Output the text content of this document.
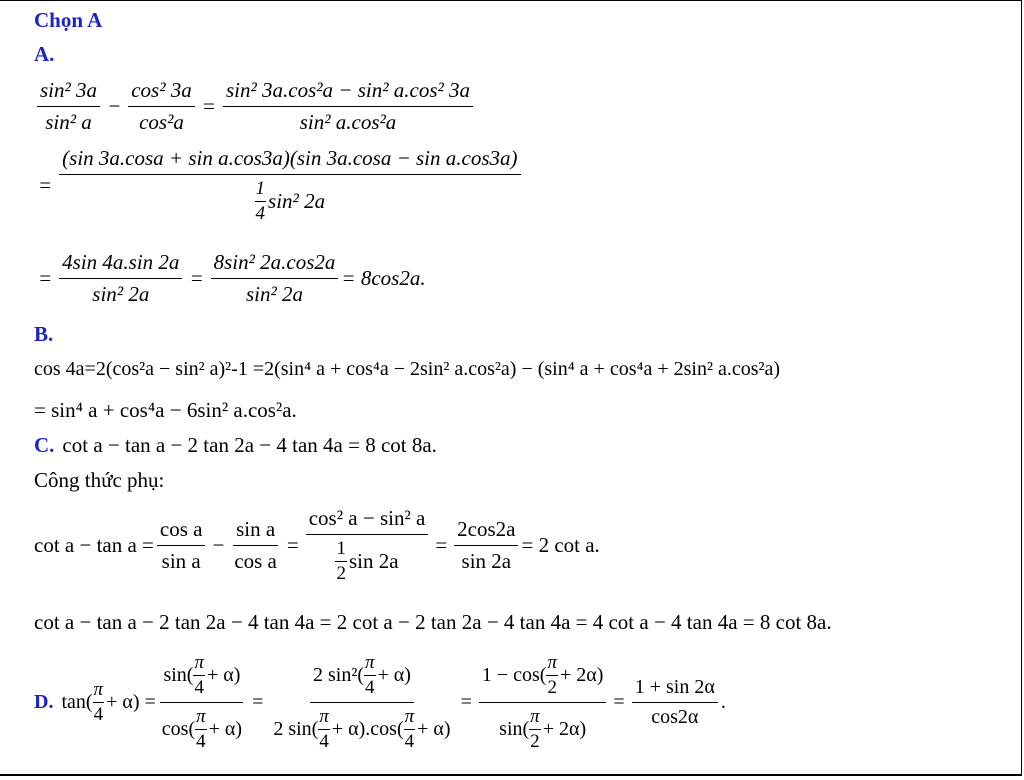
Chọn A
A.
$\frac{\text{sin² 3a}}{\text{sin² a}} - \frac{\text{cos² 3a}}{\text{cos²a}} = \frac{\text{sin² 3a.cos²a − sin² a.cos² 3a}}{\text{sin² a.cos²a}}$
= $\frac{\text{(sin 3a.cosa + sin a.cos3a)(sin 3a.cosa − sin a.cos3a)}}{\frac{1}{4} \sin^2 2a}$
= $\frac{4\sin 4a.\sin 2a}{\text{sin² 2a}} = \frac{\text{8sin² 2a.cos2a}}{\text{sin² 2a}} = 8\cos 2a$.
B.
cos 4a=2(cos²a − sin² a)²-1 =2(sin⁴ a + cos⁴a − 2sin² a.cos²a) − (sin⁴ a + cos⁴a + 2sin² a.cos²a)
= sin⁴ a + cos⁴a − 6sin² a.cos²a.
C. cot a − tan a − 2 tan 2a − 4 tan 4a = 8 cot 8a.
Công thức phụ:
$\cot a - \tan a = \frac{\text{cos a}}{\text{sin a}} - \frac{\text{sin a}}{\text{cos a}} = \frac{\text{cos² a − sin² a}}{\frac{1}{2} \sin 2a} = \frac{2\cos 2a}{\sin 2a} = 2$ cot a.
cot a − tan a − 2 tan 2a − 4 tan 4a = 2 cot a − 2 tan 2a − 4 tan 4a = 4 cot a − 4 tan 4a = 8 cot 8a.
D. $\tan( \frac{\pi}{4} + \alpha) = \frac{\sin( \frac{\pi}{4} + \alpha)}{\cos( \frac{\pi}{4} + \alpha)} = \frac{2 \sin^2( \frac{\pi}{4} + \alpha)}{2 \sin( \frac{\pi}{4} + \alpha).\cos( \frac{\pi}{4} + \alpha)} = \frac{1 - \cos( \frac{\pi}{2} + 2\alpha)}{\sin( \frac{\pi}{2} + 2\alpha)} = \frac{1 + \sin 2\alpha}{\cos 2\alpha}$ .
